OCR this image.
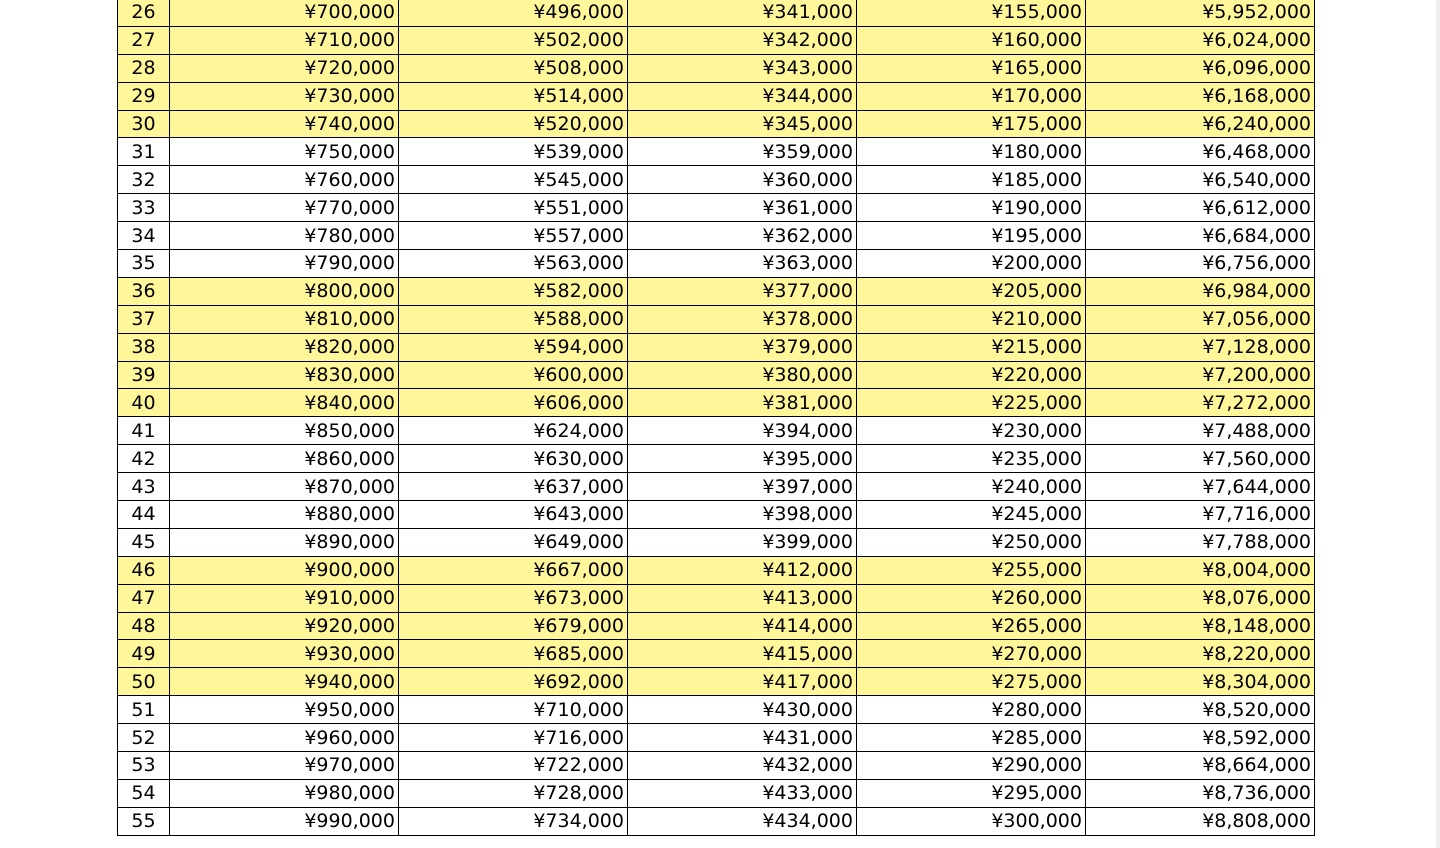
26	¥700,000	¥496,000	¥341,000	¥155,000	¥5,952,000
27	¥710,000	¥502,000	¥342,000	¥160,000	¥6,024,000
28	¥720,000	¥508,000	¥343,000	¥165,000	¥6,096,000
29	¥730,000	¥514,000	¥344,000	¥170,000	¥6,168,000
30	¥740,000	¥520,000	¥345,000	¥175,000	¥6,240,000
31	¥750,000	¥539,000	¥359,000	¥180,000	¥6,468,000
32	¥760,000	¥545,000	¥360,000	¥185,000	¥6,540,000
33	¥770,000	¥551,000	¥361,000	¥190,000	¥6,612,000
34	¥780,000	¥557,000	¥362,000	¥195,000	¥6,684,000
35	¥790,000	¥563,000	¥363,000	¥200,000	¥6,756,000
36	¥800,000	¥582,000	¥377,000	¥205,000	¥6,984,000
37	¥810,000	¥588,000	¥378,000	¥210,000	¥7,056,000
38	¥820,000	¥594,000	¥379,000	¥215,000	¥7,128,000
39	¥830,000	¥600,000	¥380,000	¥220,000	¥7,200,000
40	¥840,000	¥606,000	¥381,000	¥225,000	¥7,272,000
41	¥850,000	¥624,000	¥394,000	¥230,000	¥7,488,000
42	¥860,000	¥630,000	¥395,000	¥235,000	¥7,560,000
43	¥870,000	¥637,000	¥397,000	¥240,000	¥7,644,000
44	¥880,000	¥643,000	¥398,000	¥245,000	¥7,716,000
45	¥890,000	¥649,000	¥399,000	¥250,000	¥7,788,000
46	¥900,000	¥667,000	¥412,000	¥255,000	¥8,004,000
47	¥910,000	¥673,000	¥413,000	¥260,000	¥8,076,000
48	¥920,000	¥679,000	¥414,000	¥265,000	¥8,148,000
49	¥930,000	¥685,000	¥415,000	¥270,000	¥8,220,000
50	¥940,000	¥692,000	¥417,000	¥275,000	¥8,304,000
51	¥950,000	¥710,000	¥430,000	¥280,000	¥8,520,000
52	¥960,000	¥716,000	¥431,000	¥285,000	¥8,592,000
53	¥970,000	¥722,000	¥432,000	¥290,000	¥8,664,000
54	¥980,000	¥728,000	¥433,000	¥295,000	¥8,736,000
55	¥990,000	¥734,000	¥434,000	¥300,000	¥8,808,000
